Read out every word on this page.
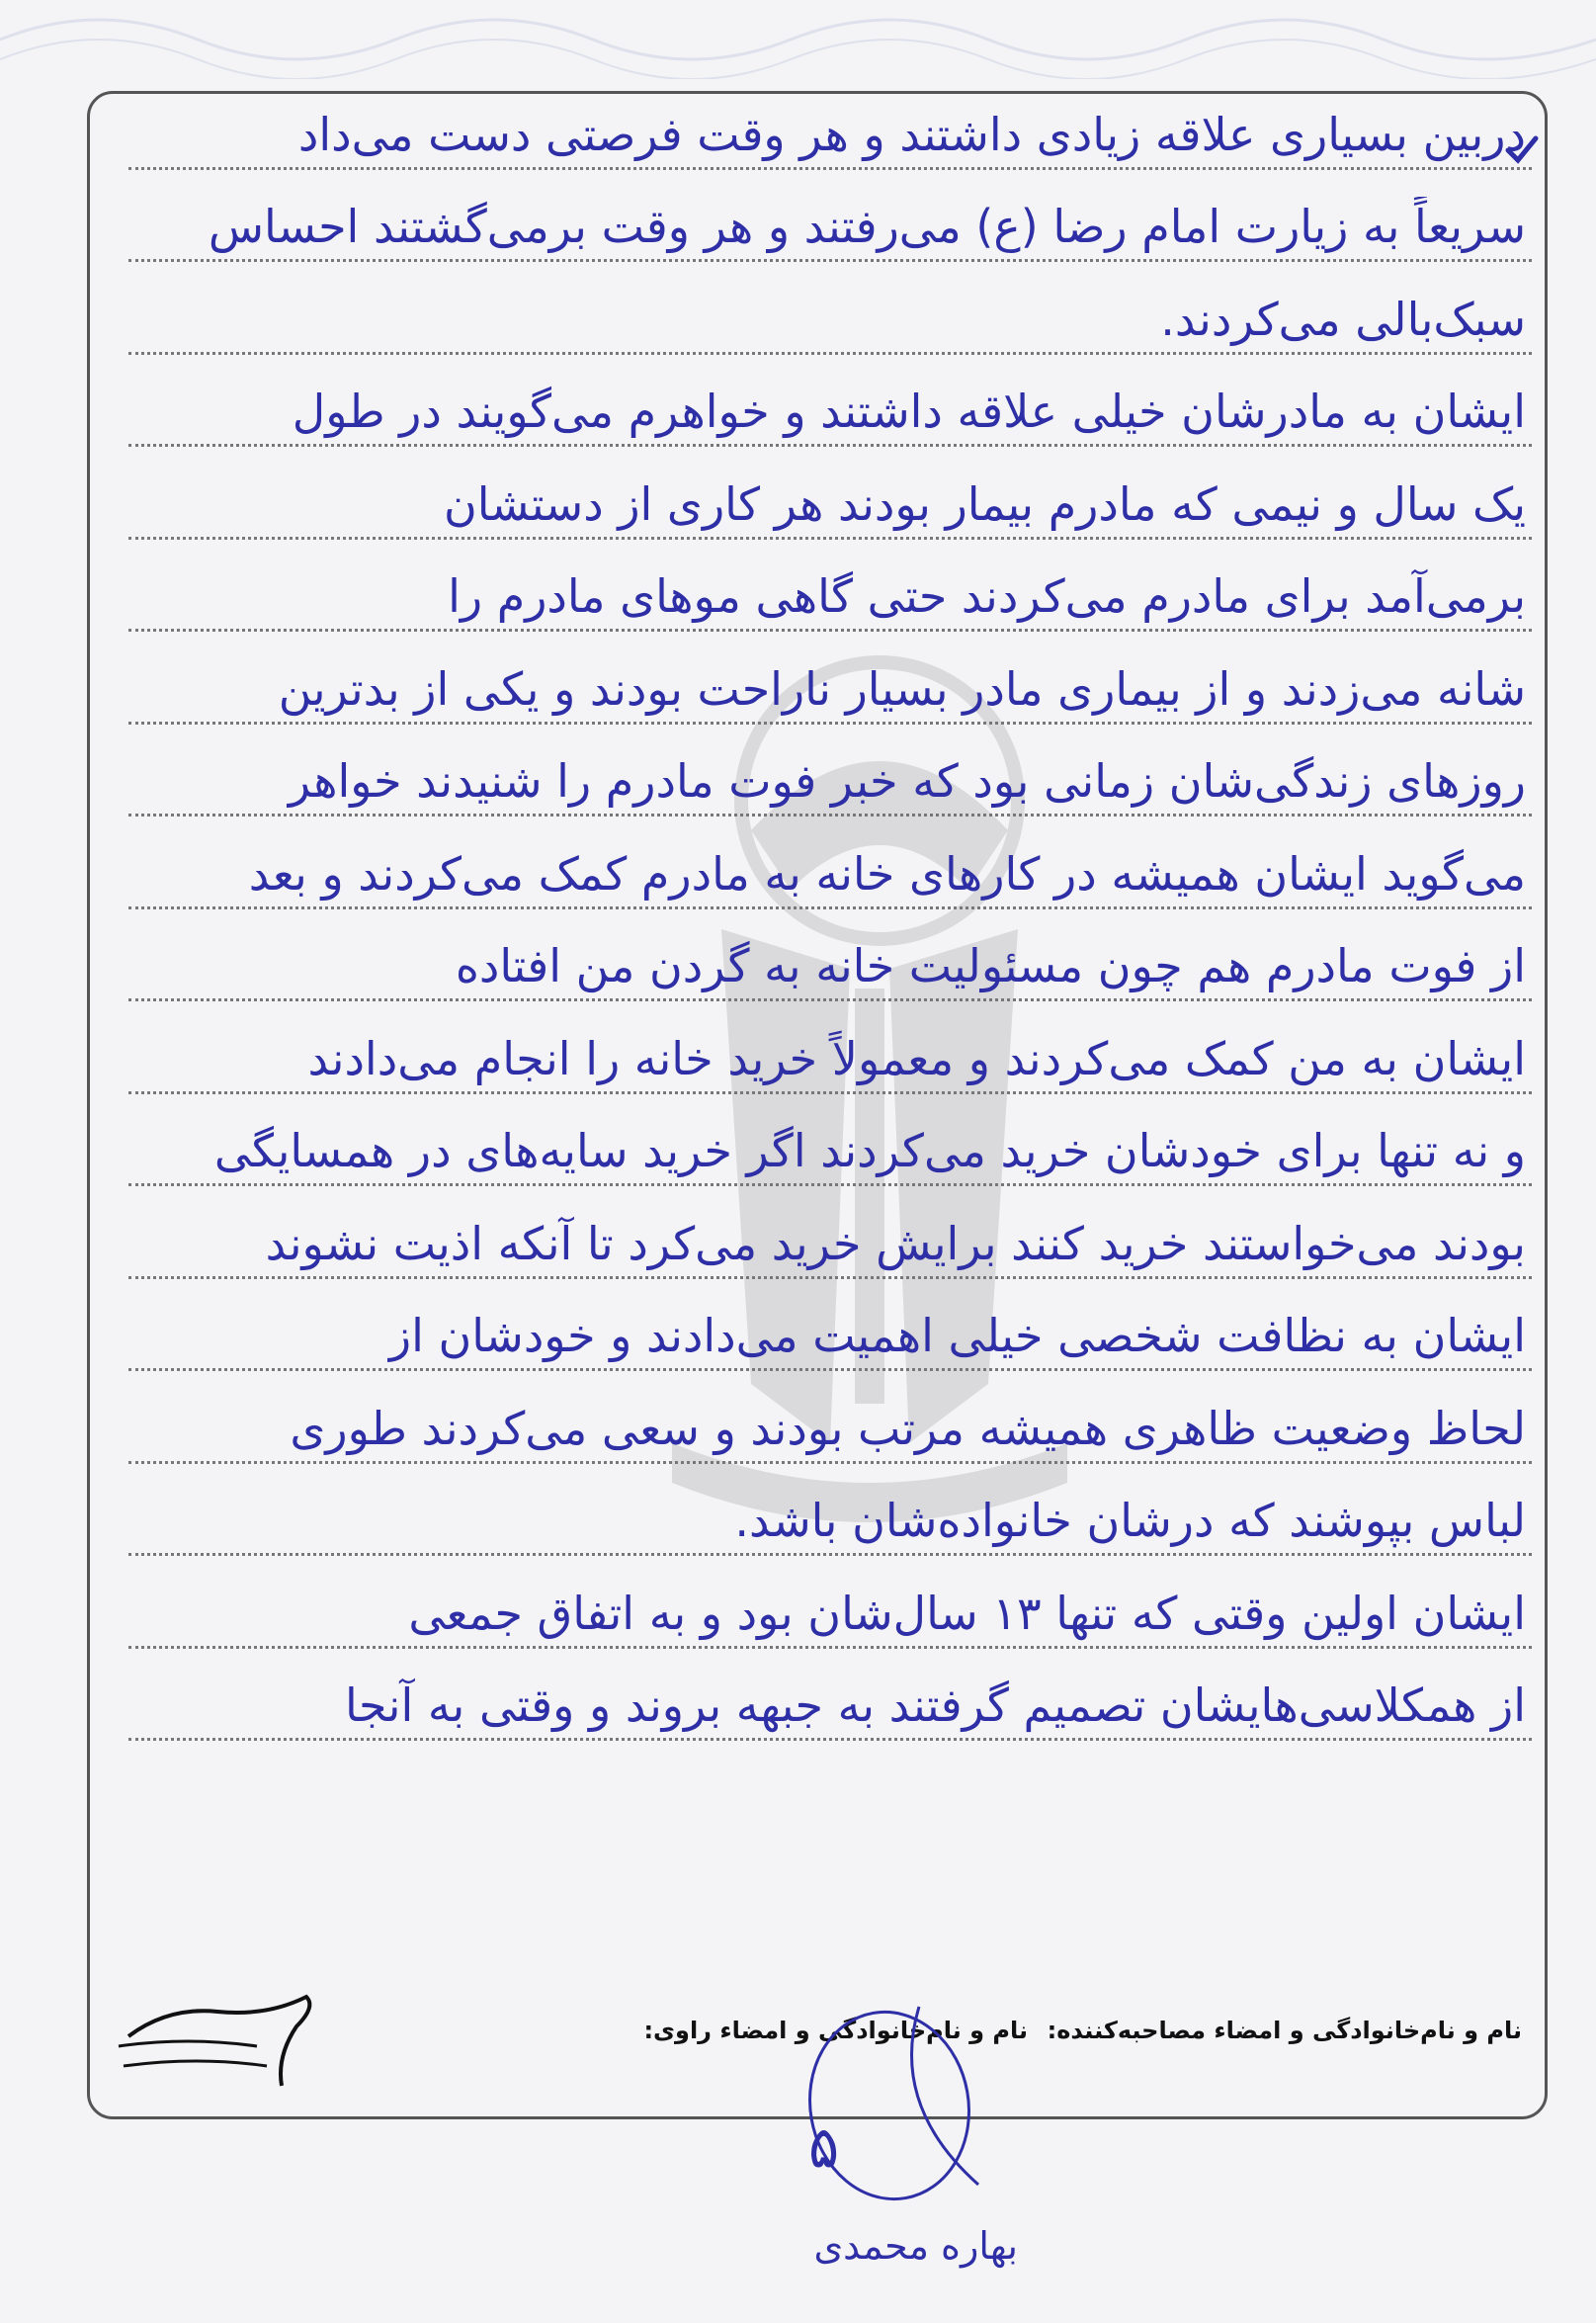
دربین بسیاری علاقه زیادی داشتند و هر وقت فرصتی دست می‌داد
سریعاً به زیارت امام رضا (ع) می‌رفتند و هر وقت برمی‌گشتند احساس
سبک‌بالی می‌کردند.
ایشان به مادرشان خیلی علاقه داشتند و خواهرم می‌گویند در طول
یک سال و نیمی که مادرم بیمار بودند هر کاری از دستشان
برمی‌آمد برای مادرم می‌کردند حتی گاهی موهای مادرم را
شانه می‌زدند و از بیماری مادر بسیار ناراحت بودند و یکی از بدترین
روزهای زندگی‌شان زمانی بود که خبر فوت مادرم را شنیدند خواهر
می‌گوید ایشان همیشه در کارهای خانه به مادرم کمک می‌کردند و بعد
از فوت مادرم هم چون مسئولیت خانه به گردن من افتاده
ایشان به من کمک می‌کردند و معمولاً خرید خانه را انجام می‌دادند
و نه تنها برای خودشان خرید می‌کردند اگر خرید سایه‌های در همسایگی
بودند می‌خواستند خرید کنند برایش خرید می‌کرد تا آنکه اذیت نشوند
ایشان به نظافت شخصی خیلی اهمیت می‌دادند و خودشان از
لحاظ وضعیت ظاهری همیشه مرتب بودند و سعی می‌کردند طوری
لباس بپوشند که درشان خانواده‌شان باشد.
ایشان اولین وقتی که تنها ۱۳ سال‌شان بود و به اتفاق جمعی
از همکلاسی‌هایشان تصمیم گرفتند به جبهه بروند و وقتی به آنجا
نام و نام‌خانوادگی و امضاء مصاحبه‌کننده:
نام و نام‌خانوادگی و امضاء راوی:
۵
بهاره محمدی
